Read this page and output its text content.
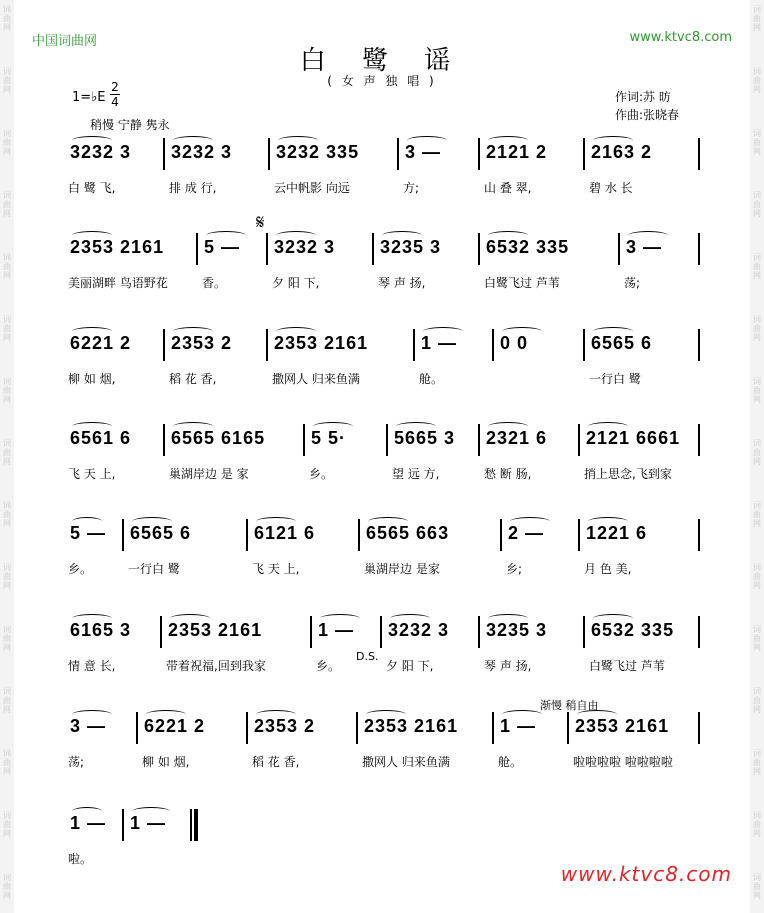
词
曲
网
词
曲
网
词
曲
网
词
曲
网
词
曲
网
词
曲
网
词
曲
网
词
曲
网
词
曲
网
词
曲
网
词
曲
网
词
曲
网
词
曲
网
词
曲
网
词
曲
网
词
曲
网
词
曲
网
词
曲
网
词
曲
网
词
曲
网
词
曲
网
词
曲
网
词
曲
网
词
曲
网
词
曲
网
词
曲
网
词
曲
网
词
曲
网
词
曲
网
词
曲
网
中国词曲网	www.ktvc8.com
白 鹭 谣
( 女 声 独 唱 )
1=♭E
2
4
稍慢 宁静 隽永
作词:苏 昉
作曲:张晓春
𝄋
D.S.
渐慢 稍自由
3232 3
白 鹭 飞,
3232 3
排 成 行,
3232 335
云中帆影 向远
3 —
方;
2121 2
山 叠 翠,
2163 2
碧 水 长
2353 2161
美丽湖畔 鸟语野花
5 —
香。
3232 3
夕 阳 下,
3235 3
琴 声 扬,
6532 335
白鹭飞过 芦苇
3 —
荡;
6221 2
柳 如 烟,
2353 2
稻 花 香,
2353 2161
撒网人 归来鱼满
1 —
舱。
0 0	6565 6
一行白 鹭
6561 6
飞 天 上,
6565 6165
巢湖岸边 是 家
5 5·
乡。
5665 3
望 远 方,
2321 6
愁 断 肠,
2121 6661
捎上思念,飞到家
5 —
乡。
6565 6
一行白 鹭
6121 6
飞 天 上,
6565 663
巢湖岸边 是家
2 —
乡;
1221 6
月 色 美,
6165 3
情 意 长,
2353 2161
带着祝福,回到我家
1 —
乡。
3232 3
夕 阳 下,
3235 3
琴 声 扬,
6532 335
白鹭飞过 芦苇
3 —
荡;
6221 2
柳 如 烟,
2353 2
稻 花 香,
2353 2161
撒网人 归来鱼满
1 —
舱。
2353 2161
啦啦啦啦 啦啦啦啦
1 —
啦。
1 —
www.ktvc8.com
